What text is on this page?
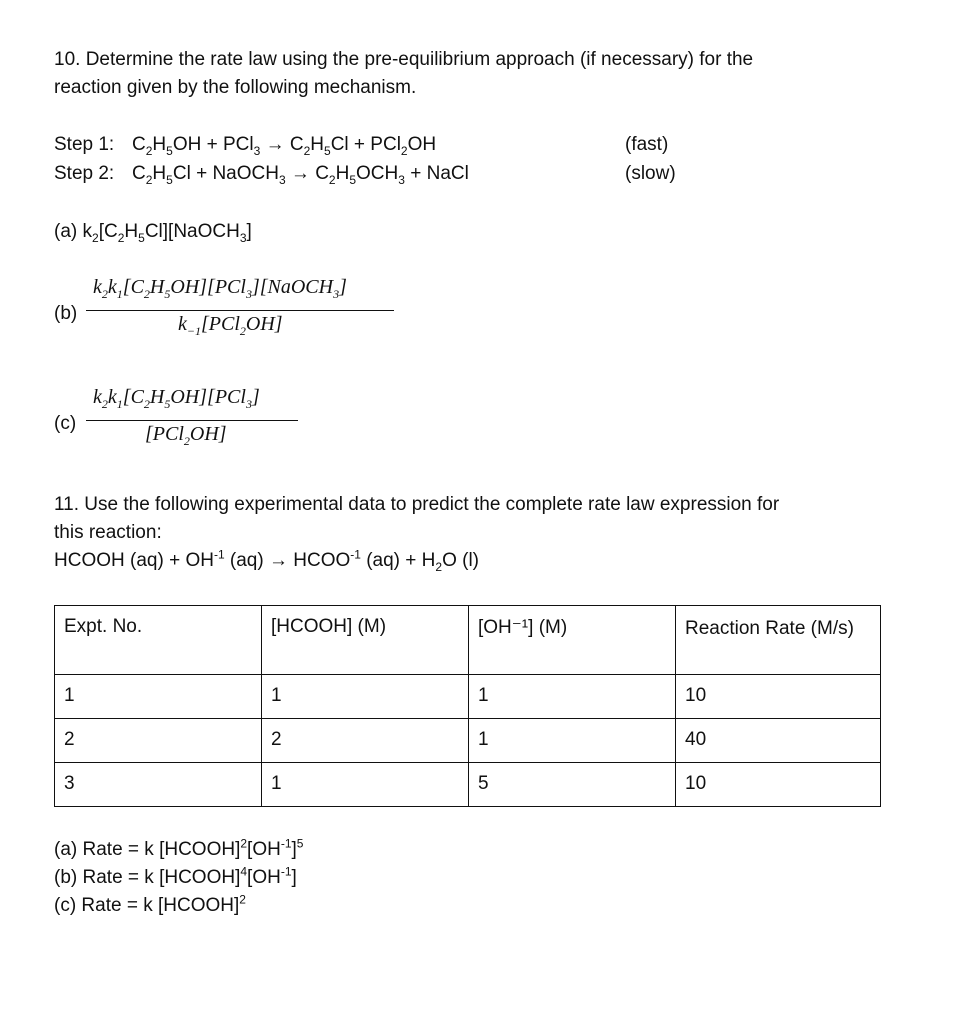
10. Determine the rate law using the pre-equilibrium approach (if necessary) for the
reaction given by the following mechanism.
Step 1: $C_2H_5OH + PCl_3 \to C_2H_5Cl + PCl_2OH$	(fast)
Step 2: $C_2H_5Cl$ + NaOCH$_3$ → $C_2H_5OCH_3$ + NaCl	(slow)
(a) $k_2[C_2H_5Cl][NaOCH_3]$
(b)
$k_2k_1[C_2H_5OH][PCl_3][NaOCH_3]$
$k_{-1}[PCl_2OH]$
(c)
$k_2k_1[C_2H_5OH][PCl_3]$
[PCl$_2$OH]
11. Use the following experimental data to predict the complete rate law expression for
this reaction:
HCOOH $(aq) + OH^{-1}$ $(aq) \to HCOO^{-1}$ $(aq) + H_2O$ (l)
Expt. No.	[HCOOH] (M)	[OH⁻¹] (M)	Reaction Rate (M/s)
1	1	1	10
2	2	1	40
3	1	5	10
(a) Rate = k $[HCOOH]^2[OH^{-1}]^5$
(b) Rate = k $[HCOOH]^4[OH^{-1}]$
(c) Rate = k [HCOOH]$^2$
